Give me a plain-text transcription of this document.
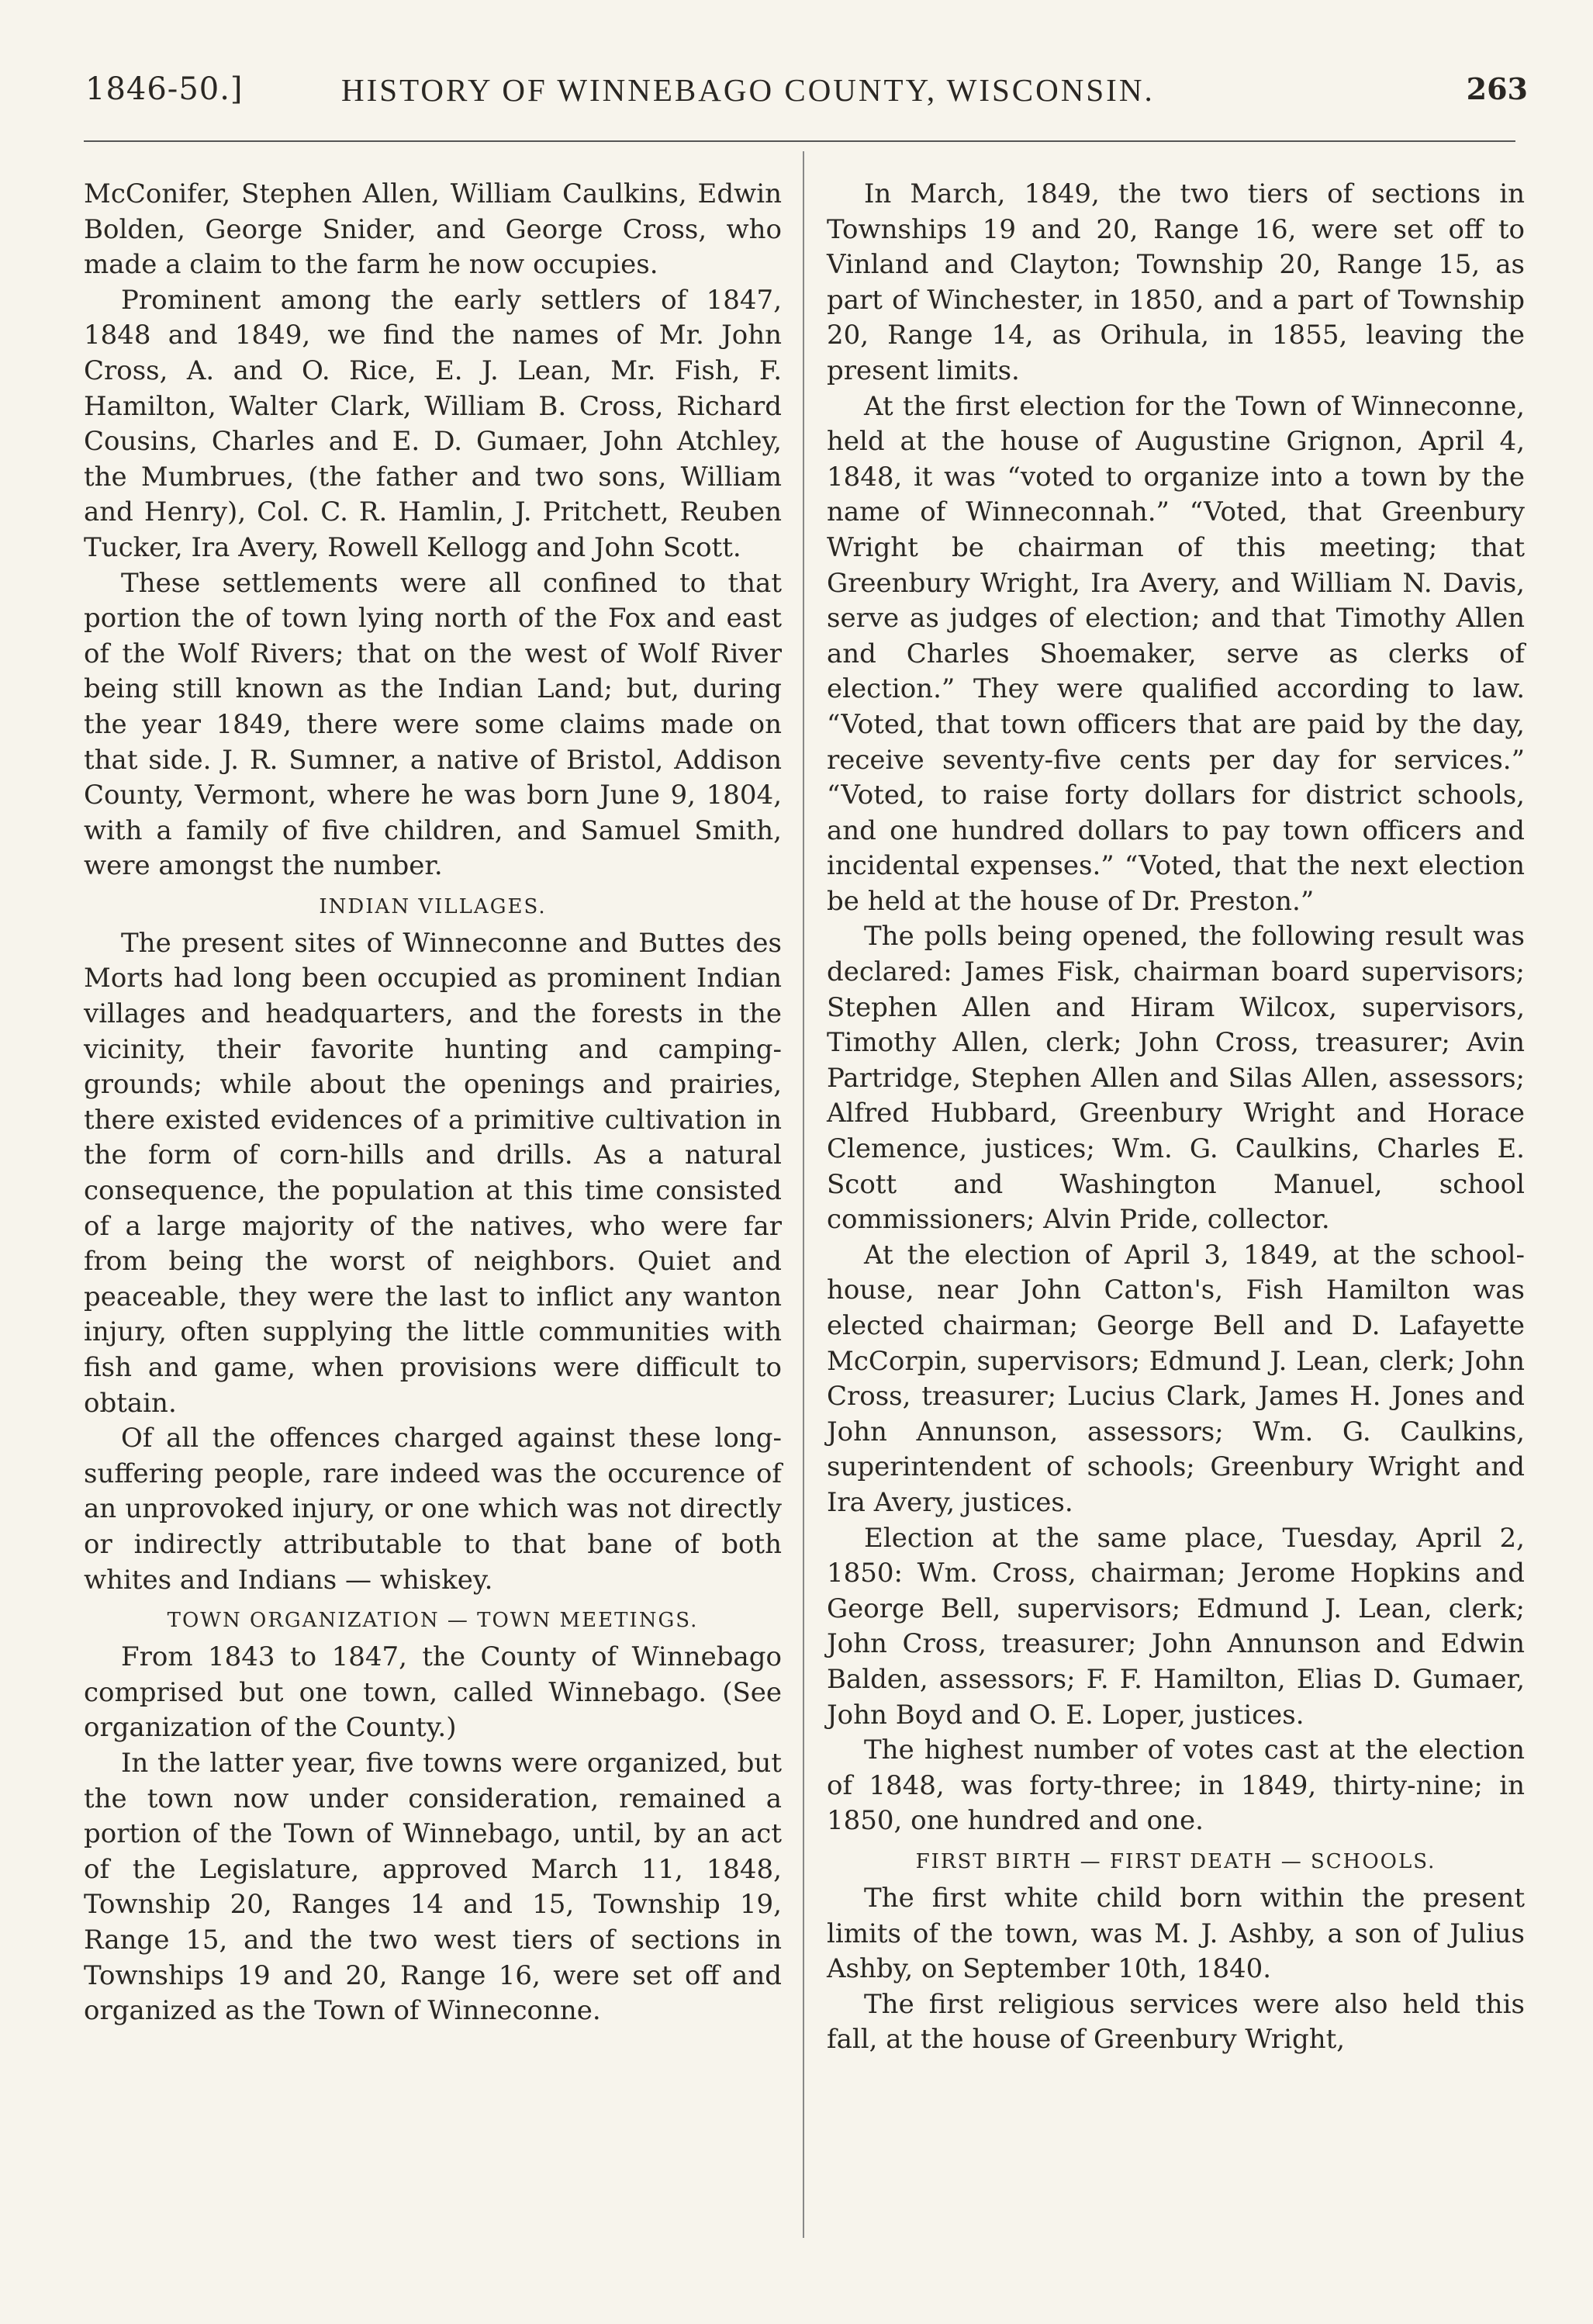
1846-50.]	HISTORY OF WINNEBAGO COUNTY, WISCONSIN.	263

McConifer, Stephen Allen, William Caulkins, Edwin Bolden, George Snider, and George Cross, who made a claim to the farm he now occupies.

Prominent among the early settlers of 1847, 1848 and 1849, we find the names of Mr. John Cross, A. and O. Rice, E. J. Lean, Mr. Fish, F. Hamilton, Walter Clark, William B. Cross, Richard Cousins, Charles and E. D. Gumaer, John Atchley, the Mumbrues, (the father and two sons, William and Henry), Col. C. R. Hamlin, J. Pritchett, Reuben Tucker, Ira Avery, Rowell Kellogg and John Scott.

These settlements were all confined to that portion the of town lying north of the Fox and east of the Wolf Rivers; that on the west of Wolf River being still known as the Indian Land; but, during the year 1849, there were some claims made on that side. J. R. Sumner, a native of Bristol, Addison County, Vermont, where he was born June 9, 1804, with a family of five children, and Samuel Smith, were amongst the number.

INDIAN VILLAGES.

The present sites of Winneconne and Buttes des Morts had long been occupied as prominent Indian villages and headquarters, and the forests in the vicinity, their favorite hunting and camping-grounds; while about the openings and prairies, there existed evidences of a primitive cultivation in the form of corn-hills and drills. As a natural consequence, the population at this time consisted of a large majority of the natives, who were far from being the worst of neighbors. Quiet and peaceable, they were the last to inflict any wanton injury, often supplying the little communities with fish and game, when provisions were difficult to obtain.

Of all the offences charged against these long-suffering people, rare indeed was the occurence of an unprovoked injury, or one which was not directly or indirectly attributable to that bane of both whites and Indians — whiskey.

TOWN ORGANIZATION — TOWN MEETINGS.

From 1843 to 1847, the County of Winnebago comprised but one town, called Winnebago. (See organization of the County.)

In the latter year, five towns were organized, but the town now under consideration, remained a portion of the Town of Winnebago, until, by an act of the Legislature, approved March 11, 1848, Township 20, Ranges 14 and 15, Township 19, Range 15, and the two west tiers of sections in Townships 19 and 20, Range 16, were set off and organized as the Town of Winneconne.

In March, 1849, the two tiers of sections in Townships 19 and 20, Range 16, were set off to Vinland and Clayton; Township 20, Range 15, as part of Winchester, in 1850, and a part of Township 20, Range 14, as Orihula, in 1855, leaving the present limits.

At the first election for the Town of Winneconne, held at the house of Augustine Grignon, April 4, 1848, it was “voted to organize into a town by the name of Winneconnah.” “Voted, that Greenbury Wright be chairman of this meeting; that Greenbury Wright, Ira Avery, and William N. Davis, serve as judges of election; and that Timothy Allen and Charles Shoemaker, serve as clerks of election.” They were qualified according to law. “Voted, that town officers that are paid by the day, receive seventy-five cents per day for services.” “Voted, to raise forty dollars for district schools, and one hundred dollars to pay town officers and incidental expenses.” “Voted, that the next election be held at the house of Dr. Preston.”

The polls being opened, the following result was declared: James Fisk, chairman board supervisors; Stephen Allen and Hiram Wilcox, supervisors, Timothy Allen, clerk; John Cross, treasurer; Avin Partridge, Stephen Allen and Silas Allen, assessors; Alfred Hubbard, Greenbury Wright and Horace Clemence, justices; Wm. G. Caulkins, Charles E. Scott and Washington Manuel, school commissioners; Alvin Pride, collector.

At the election of April 3, 1849, at the school-house, near John Catton's, Fish Hamilton was elected chairman; George Bell and D. Lafayette McCorpin, supervisors; Edmund J. Lean, clerk; John Cross, treasurer; Lucius Clark, James H. Jones and John Annunson, assessors; Wm. G. Caulkins, superintendent of schools; Greenbury Wright and Ira Avery, justices.

Election at the same place, Tuesday, April 2, 1850: Wm. Cross, chairman; Jerome Hopkins and George Bell, supervisors; Edmund J. Lean, clerk; John Cross, treasurer; John Annunson and Edwin Balden, assessors; F. F. Hamilton, Elias D. Gumaer, John Boyd and O. E. Loper, justices.

The highest number of votes cast at the election of 1848, was forty-three; in 1849, thirty-nine; in 1850, one hundred and one.

FIRST BIRTH — FIRST DEATH — SCHOOLS.

The first white child born within the present limits of the town, was M. J. Ashby, a son of Julius Ashby, on September 10th, 1840.

The first religious services were also held this fall, at the house of Greenbury Wright,
